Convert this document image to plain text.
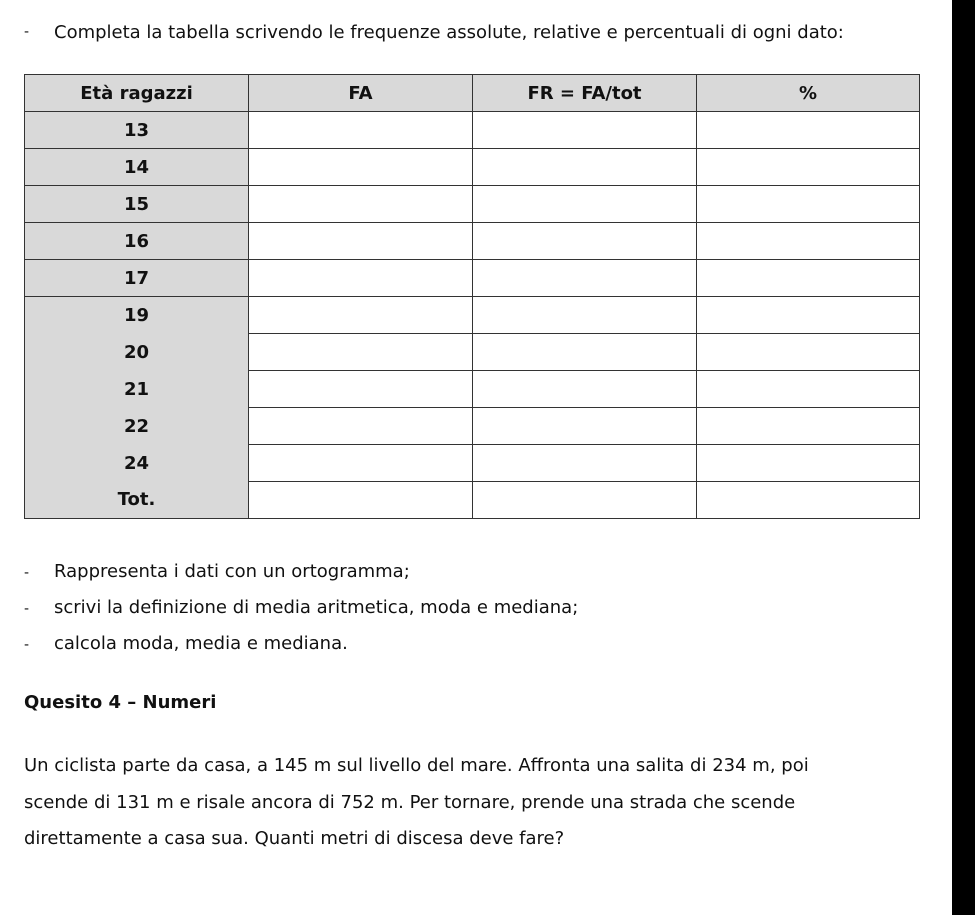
- Completa la tabella scrivendo le frequenze assolute, relative e percentuali di ogni dato:
Età ragazzi	FA	FR = FA/tot	%
13			
14			
15			
16			
17			
19			
20			
21			
22			
24			
Tot.			
- Rappresenta i dati con un ortogramma;
- scrivi la definizione di media aritmetica, moda e mediana;
- calcola moda, media e mediana.
Quesito 4 – Numeri
Un ciclista parte da casa, a 145 m sul livello del mare. Affronta una salita di 234 m, poi
scende di 131 m e risale ancora di 752 m. Per tornare, prende una strada che scende
direttamente a casa sua. Quanti metri di discesa deve fare?
